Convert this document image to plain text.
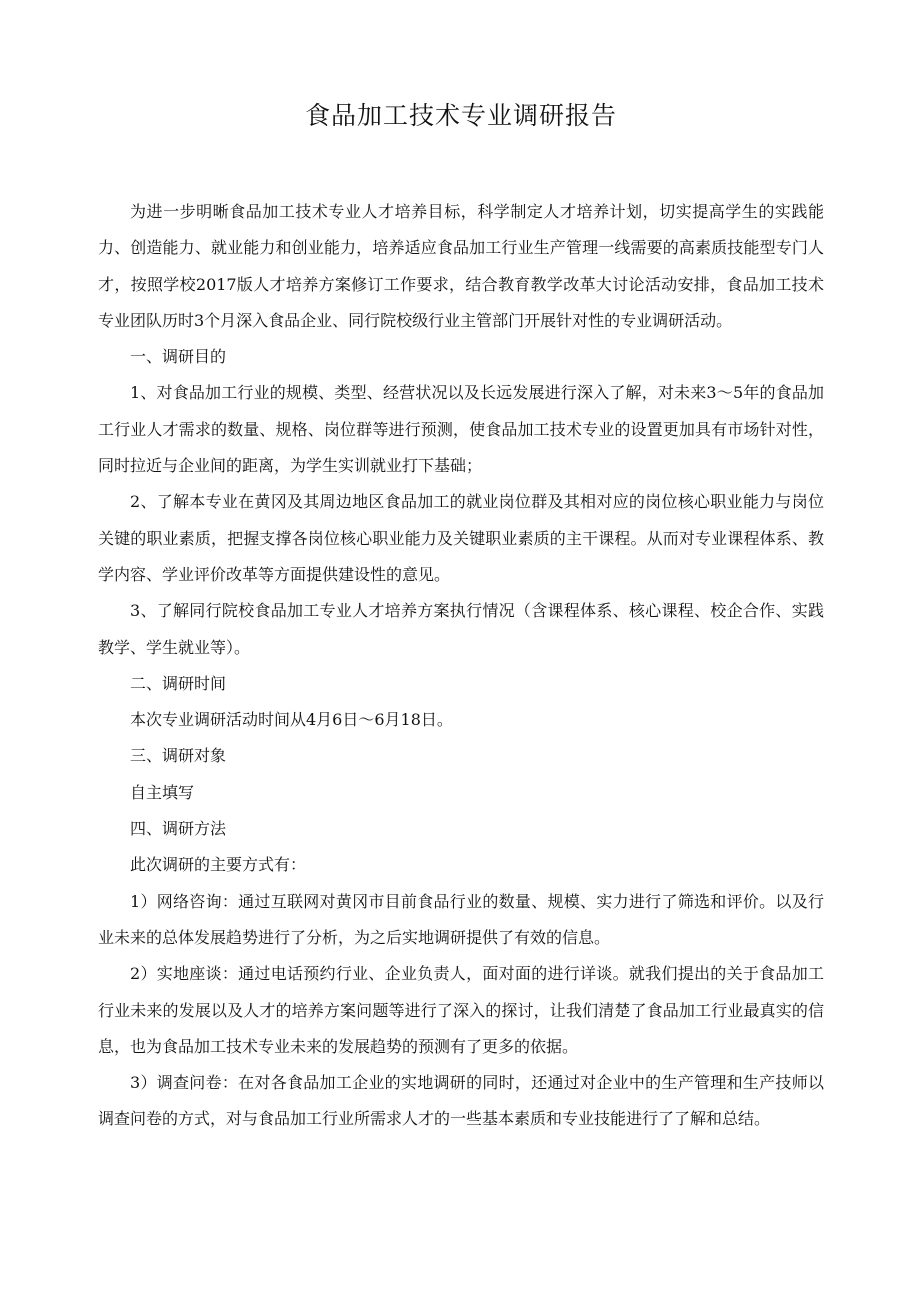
食品加工技术专业调研报告

为进一步明晰食品加工技术专业人才培养目标，科学制定人才培养计划，切实提高学生的实践能力、创造能力、就业能力和创业能力，培养适应食品加工行业生产管理一线需要的高素质技能型专门人才，按照学校2017版人才培养方案修订工作要求，结合教育教学改革大讨论活动安排，食品加工技术专业团队历时3个月深入食品企业、同行院校级行业主管部门开展针对性的专业调研活动。

一、调研目的

1、对食品加工行业的规模、类型、经营状况以及长远发展进行深入了解，对未来3～5年的食品加工行业人才需求的数量、规格、岗位群等进行预测，使食品加工技术专业的设置更加具有市场针对性，同时拉近与企业间的距离，为学生实训就业打下基础；

2、了解本专业在黄冈及其周边地区食品加工的就业岗位群及其相对应的岗位核心职业能力与岗位关键的职业素质，把握支撑各岗位核心职业能力及关键职业素质的主干课程。从而对专业课程体系、教学内容、学业评价改革等方面提供建设性的意见。

3、了解同行院校食品加工专业人才培养方案执行情况（含课程体系、核心课程、校企合作、实践教学、学生就业等）。

二、调研时间

本次专业调研活动时间从4月6日～6月18日。

三、调研对象

自主填写

四、调研方法

此次调研的主要方式有：

1）网络咨询：通过互联网对黄冈市目前食品行业的数量、规模、实力进行了筛选和评价。以及行业未来的总体发展趋势进行了分析，为之后实地调研提供了有效的信息。

2）实地座谈：通过电话预约行业、企业负责人，面对面的进行详谈。就我们提出的关于食品加工行业未来的发展以及人才的培养方案问题等进行了深入的探讨，让我们清楚了食品加工行业最真实的信息，也为食品加工技术专业未来的发展趋势的预测有了更多的依据。

3）调查问卷：在对各食品加工企业的实地调研的同时，还通过对企业中的生产管理和生产技师以调查问卷的方式，对与食品加工行业所需求人才的一些基本素质和专业技能进行了了解和总结。
